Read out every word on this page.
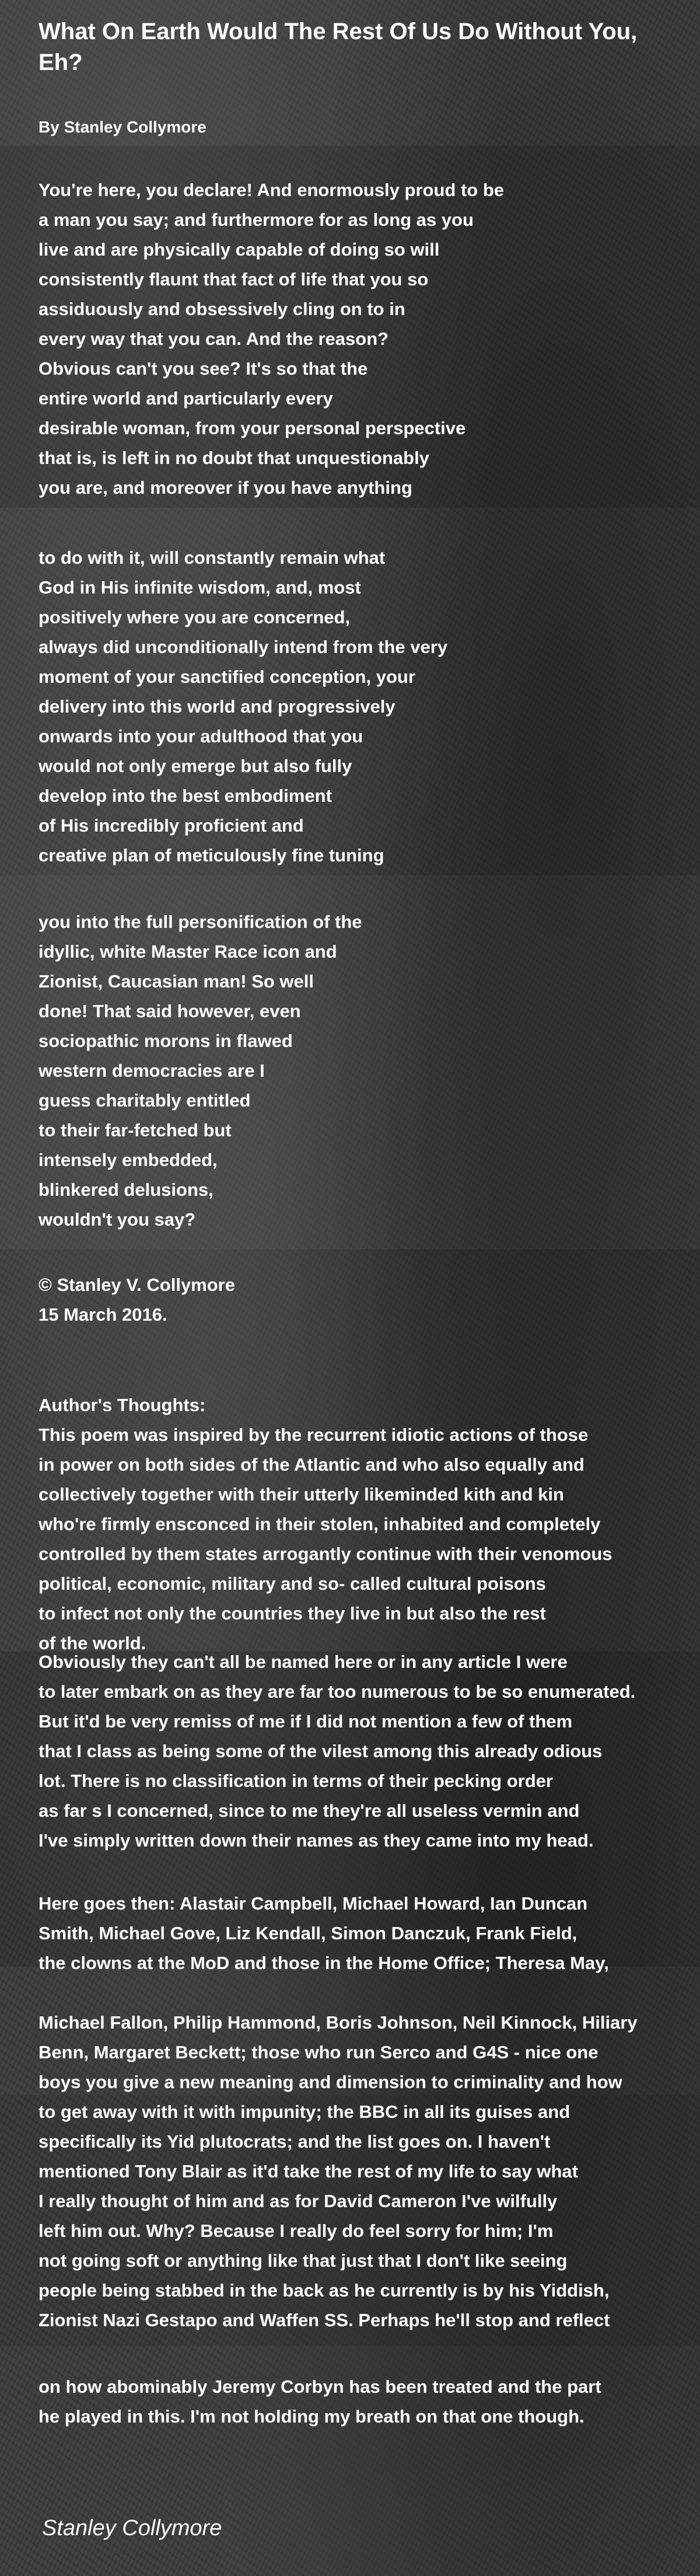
What On Earth Would The Rest Of Us Do Without You, Eh?

By Stanley Collymore

You're here, you declare! And enormously proud to be
a man you say; and furthermore for as long as you
live and are physically capable of doing so will
consistently flaunt that fact of life that you so
assiduously and obsessively cling on to in
every way that you can. And the reason?
Obvious can't you see? It's so that the
entire world and particularly every
desirable woman, from your personal perspective
that is, is left in no doubt that unquestionably
you are, and moreover if you have anything
to do with it, will constantly remain what
God in His infinite wisdom, and, most
positively where you are concerned,
always did unconditionally intend from the very
moment of your sanctified conception, your
delivery into this world and progressively
onwards into your adulthood that you
would not only emerge but also fully
develop into the best embodiment
of His incredibly proficient and
creative plan of meticulously fine tuning
you into the full personification of the
idyllic, white Master Race icon and
Zionist, Caucasian man! So well
done! That said however, even
sociopathic morons in flawed
western democracies are I
guess charitably entitled
to their far-fetched but
intensely embedded,
blinkered delusions,
wouldn't you say?
© Stanley V. Collymore
15 March 2016.
Author's Thoughts:
This poem was inspired by the recurrent idiotic actions of those
in power on both sides of the Atlantic and who also equally and
collectively together with their utterly likeminded kith and kin
who're firmly ensconced in their stolen, inhabited and completely
controlled by them states arrogantly continue with their venomous
political, economic, military and so- called cultural poisons
to infect not only the countries they live in but also the rest
of the world.
Obviously they can't all be named here or in any article I were
to later embark on as they are far too numerous to be so enumerated.
But it'd be very remiss of me if I did not mention a few of them
that I class as being some of the vilest among this already odious
lot. There is no classification in terms of their pecking order
as far s I concerned, since to me they're all useless vermin and
I've simply written down their names as they came into my head.
Here goes then: Alastair Campbell, Michael Howard, Ian Duncan
Smith, Michael Gove, Liz Kendall, Simon Danczuk, Frank Field,
the clowns at the MoD and those in the Home Office; Theresa May,
Michael Fallon, Philip Hammond, Boris Johnson, Neil Kinnock, Hiliary
Benn, Margaret Beckett; those who run Serco and G4S - nice one
boys you give a new meaning and dimension to criminality and how
to get away with it with impunity; the BBC in all its guises and
specifically its Yid plutocrats; and the list goes on. I haven't
mentioned Tony Blair as it'd take the rest of my life to say what
I really thought of him and as for David Cameron I've wilfully
left him out. Why? Because I really do feel sorry for him; I'm
not going soft or anything like that just that I don't like seeing
people being stabbed in the back as he currently is by his Yiddish,
Zionist Nazi Gestapo and Waffen SS. Perhaps he'll stop and reflect
on how abominably Jeremy Corbyn has been treated and the part
he played in this. I'm not holding my breath on that one though.

Stanley Collymore
